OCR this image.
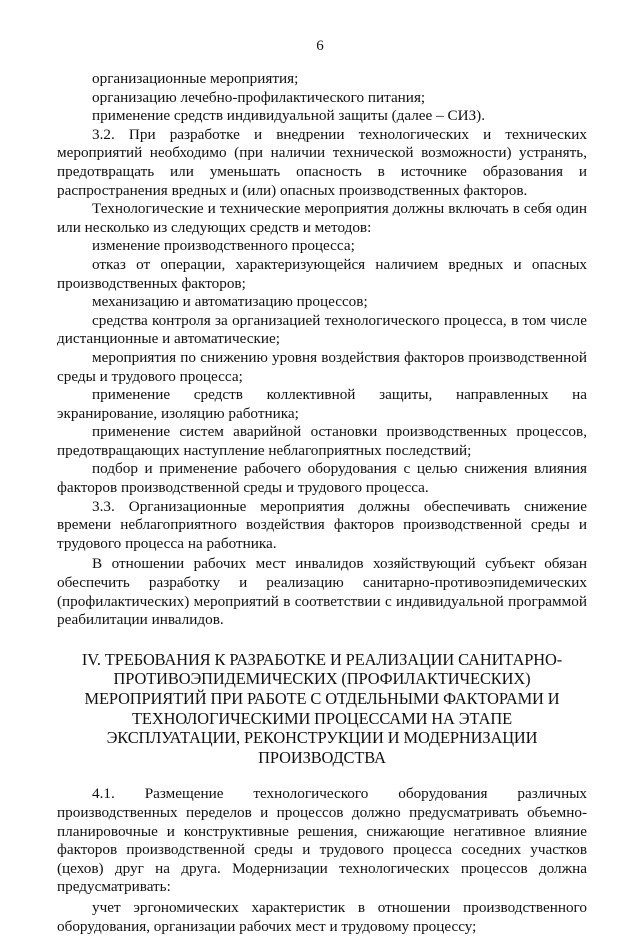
6

организационные мероприятия;

организацию лечебно-профилактического питания;

применение средств индивидуальной защиты (далее – СИЗ).

3.2. При разработке и внедрении технологических и технических мероприятий необходимо (при наличии технической возможности) устранять, предотвращать или уменьшать опасность в источнике образования и распространения вредных и (или) опасных производственных факторов.

Технологические и технические мероприятия должны включать в себя один или несколько из следующих средств и методов:

изменение производственного процесса;

отказ от операции, характеризующейся наличием вредных и опасных производственных факторов;

механизацию и автоматизацию процессов;

средства контроля за организацией технологического процесса, в том числе дистанционные и автоматические;

мероприятия по снижению уровня воздействия факторов производственной среды и трудового процесса;

применение средств коллективной защиты, направленных на экранирование, изоляцию работника;

применение систем аварийной остановки производственных процессов, предотвращающих наступление неблагоприятных последствий;

подбор и применение рабочего оборудования с целью снижения влияния факторов производственной среды и трудового процесса.

3.3. Организационные мероприятия должны обеспечивать снижение времени неблагоприятного воздействия факторов производственной среды и трудового процесса на работника.

В отношении рабочих мест инвалидов хозяйствующий субъект обязан обеспечить разработку и реализацию санитарно-противоэпидемических (профилактических) мероприятий в соответствии с индивидуальной программой реабилитации инвалидов.

IV. ТРЕБОВАНИЯ К РАЗРАБОТКЕ И РЕАЛИЗАЦИИ САНИТАРНО-ПРОТИВОЭПИДЕМИЧЕСКИХ (ПРОФИЛАКТИЧЕСКИХ) МЕРОПРИЯТИЙ ПРИ РАБОТЕ С ОТДЕЛЬНЫМИ ФАКТОРАМИ И ТЕХНОЛОГИЧЕСКИМИ ПРОЦЕССАМИ НА ЭТАПЕ ЭКСПЛУАТАЦИИ, РЕКОНСТРУКЦИИ И МОДЕРНИЗАЦИИ ПРОИЗВОДСТВА

4.1. Размещение технологического оборудования различных производственных переделов и процессов должно предусматривать объемно-планировочные и конструктивные решения, снижающие негативное влияние факторов производственной среды и трудового процесса соседних участков (цехов) друг на друга. Модернизации технологических процессов должна предусматривать:

учет эргономических характеристик в отношении производственного оборудования, организации рабочих мест и трудовому процессу;
